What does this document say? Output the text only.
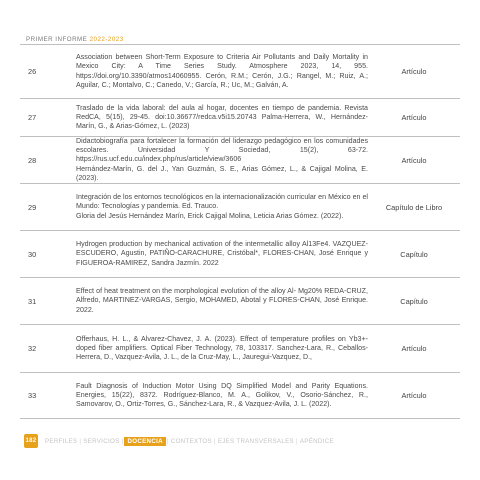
PRIMER INFORME 2022-2023
26
Association between Short-Term Exposure to Criteria Air Pollutants and Daily Mortality in Mexico City: A Time Series Study. Atmosphere 2023, 14, 955. https://doi.org/10.3390/atmos14060955. Cerón, R.M.; Cerón, J.G.; Rangel, M.; Ruiz, A.; Aguilar, C.; Montalvo, C.; Canedo, V.; García, R.; Uc, M.; Galván, A.
Artículo
27
Traslado de la vida laboral: del aula al hogar, docentes en tiempo de pandemia. Revista RedCA, 5(15), 29-45. doi:10.36677/redca.v5i15.20743 Palma-Herrera, W., Hernández-Marín, G., & Arias-Gómez, L. (2023)
Artículo
28
Didactobiografía para fortalecer la formación del liderazgo pedagógico en los comunidades escolares. Universidad Y Sociedad, 15(2), 63-72. https://rus.ucf.edu.cu/index.php/rus/article/view/3606
Hernández-Marín, G. del J., Yan Guzmán, S. E., Arias Gómez, L., & Cajigal Molina, E. (2023).
Artículo
29
Integración de los entornos tecnológicos en la internacionalización curricular en México en el Mundo: Tecnologías y pandemia. Ed. Trauco.
Gloria del Jesús Hernández Marín, Erick Cajigal Molina, Leticia Arias Gómez. (2022).
Capítulo de Libro
30
Hydrogen production by mechanical activation of the intermetallic alloy Al13Fe4. VAZQUEZ-ESCUDERO, Agustin, PATIÑO-CARACHURE, Cristóbal*, FLORES-CHAN, José Enrique y FIGUEROA-RAMIREZ, Sandra Jazmín. 2022
Capítulo
31
Effect of heat treatment on the morphological evolution of the alloy Al- Mg20% REDA-CRUZ, Alfredo, MARTINEZ-VARGAS, Sergio, MOHAMED, Abotal y FLORES-CHAN, José Enrique. 2022.
Capítulo
32
Offerhaus, H. L., & Alvarez-Chavez, J. A. (2023). Effect of temperature profiles on Yb3+-doped fiber amplifiers. Optical Fiber Technology, 78, 103317. Sanchez-Lara, R., Ceballos-Herrera, D., Vazquez-Avila, J. L., de la Cruz-May, L., Jauregui-Vazquez, D.,
Artículo
33
Fault Diagnosis of Induction Motor Using DQ Simplified Model and Parity Equations. Energies, 15(22), 8372. Rodríguez-Blanco, M. A., Golikov, V., Osorio-Sánchez, R., Samovarov, O., Ortiz-Torres, G., Sánchez-Lara, R., & Vazquez-Avila, J. L. (2022).
Artículo
182 PERFILES | SERVICIOS | DOCENCIA | CONTEXTOS | EJES TRANSVERSALES | APÉNDICE
